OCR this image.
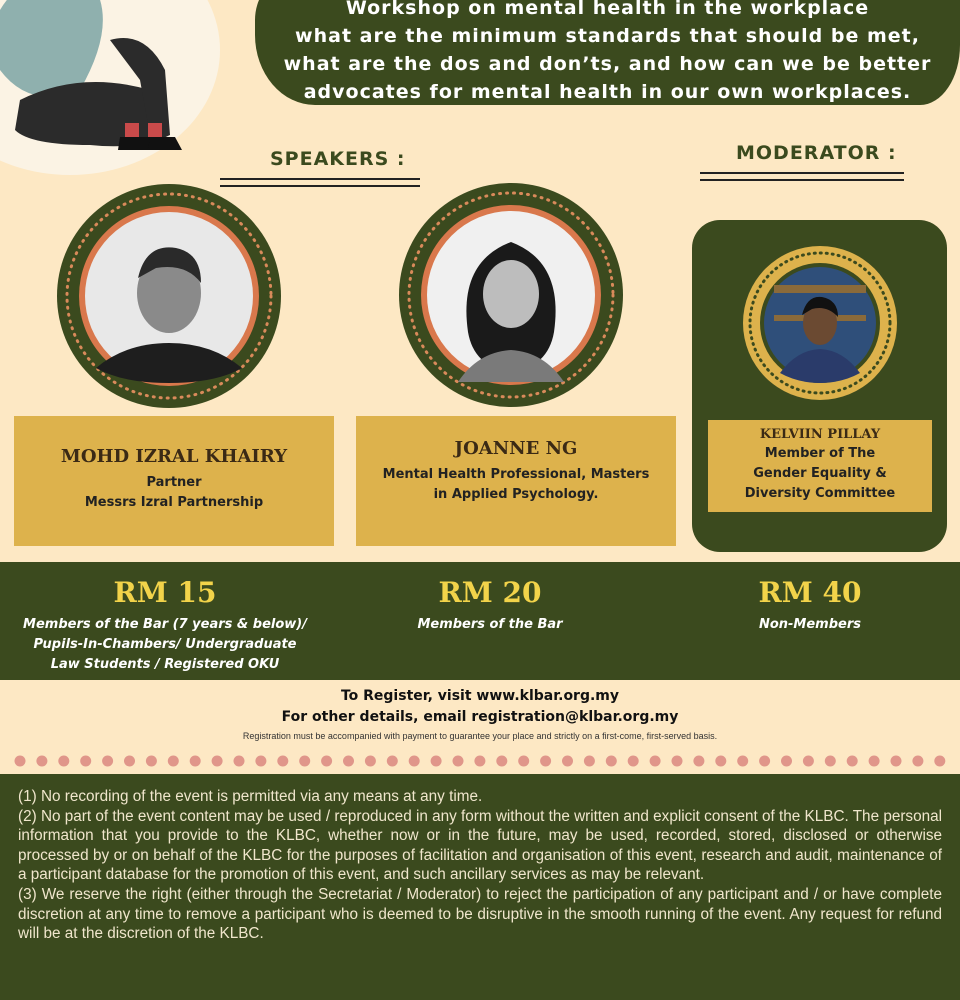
Workshop on mental health in the workplace

what are the minimum standards that should be met,

what are the dos and don’ts, and how can we be better

advocates for mental health in our own workplaces.

SPEAKERS :	MODERATOR :
MOHD IZRAL KHAIRY
Partner
Messrs Izral Partnership
JOANNE NG
Mental Health Professional, Masters
in Applied Psychology.
KELVIIN PILLAY
Member of The
Gender Equality &
Diversity Committee
RM 15
Members of the Bar (7 years & below)/
Pupils-In-Chambers/ Undergraduate
Law Students / Registered OKU
RM 20
Members of the Bar
RM 40
Non-Members
To Register, visit www.klbar.org.my
For other details, email registration@klbar.org.my
Registration must be accompanied with payment to guarantee your place and strictly on a first-come, first-served basis.

(1) No recording of the event is permitted via any means at any time.

(2) No part of the event content may be used / reproduced in any form without the written and explicit consent of the KLBC. The personal information that you provide to the KLBC, whether now or in the future, may be used, recorded, stored, disclosed or otherwise processed by or on behalf of the KLBC for the purposes of facilitation and organisation of this event, research and audit, maintenance of a participant database for the promotion of this event, and such ancillary services as may be relevant.

(3) We reserve the right (either through the Secretariat / Moderator) to reject the participation of any participant and / or have complete discretion at any time to remove a participant who is deemed to be disruptive in the smooth running of the event. Any request for refund will be at the discretion of the KLBC.
